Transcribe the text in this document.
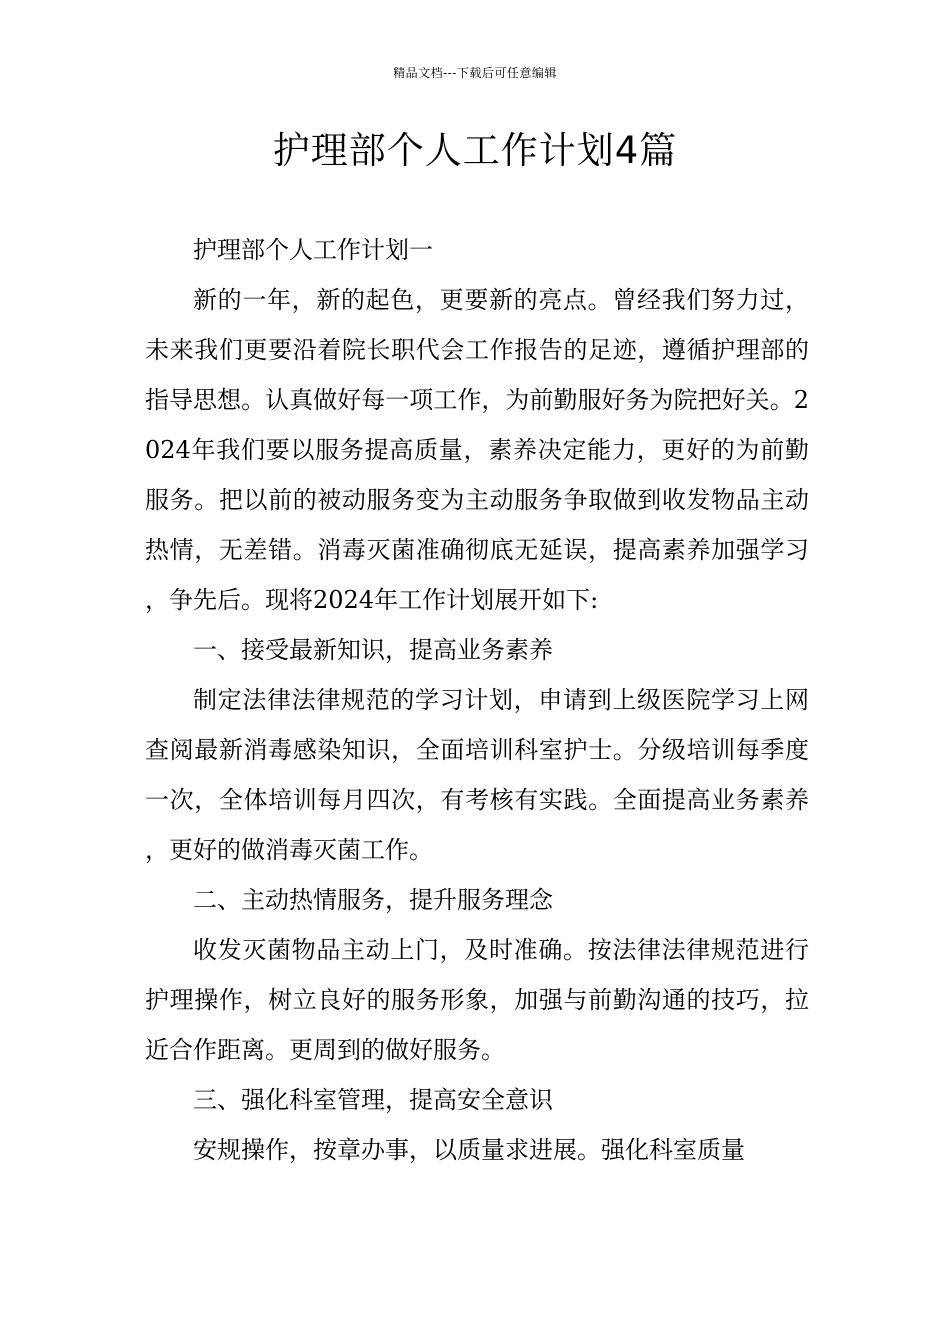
精品文档---下载后可任意编辑
护理部个人工作计划4篇

护理部个人工作计划一

新的一年，新的起色，更要新的亮点。曾经我们努力过，未来我们更要沿着院长职代会工作报告的足迹，遵循护理部的指导思想。认真做好每一项工作，为前勤服好务为院把好关。2024年我们要以服务提高质量，素养决定能力，更好的为前勤服务。把以前的被动服务变为主动服务争取做到收发物品主动热情，无差错。消毒灭菌准确彻底无延误，提高素养加强学习，争先后。现将2024年工作计划展开如下:

一、接受最新知识，提高业务素养

制定法律法律规范的学习计划，申请到上级医院学习上网查阅最新消毒感染知识，全面培训科室护士。分级培训每季度一次，全体培训每月四次，有考核有实践。全面提高业务素养，更好的做消毒灭菌工作。

二、主动热情服务，提升服务理念

收发灭菌物品主动上门，及时准确。按法律法律规范进行护理操作，树立良好的服务形象，加强与前勤沟通的技巧，拉近合作距离。更周到的做好服务。

三、强化科室管理，提高安全意识

安规操作，按章办事，以质量求进展。强化科室质量
